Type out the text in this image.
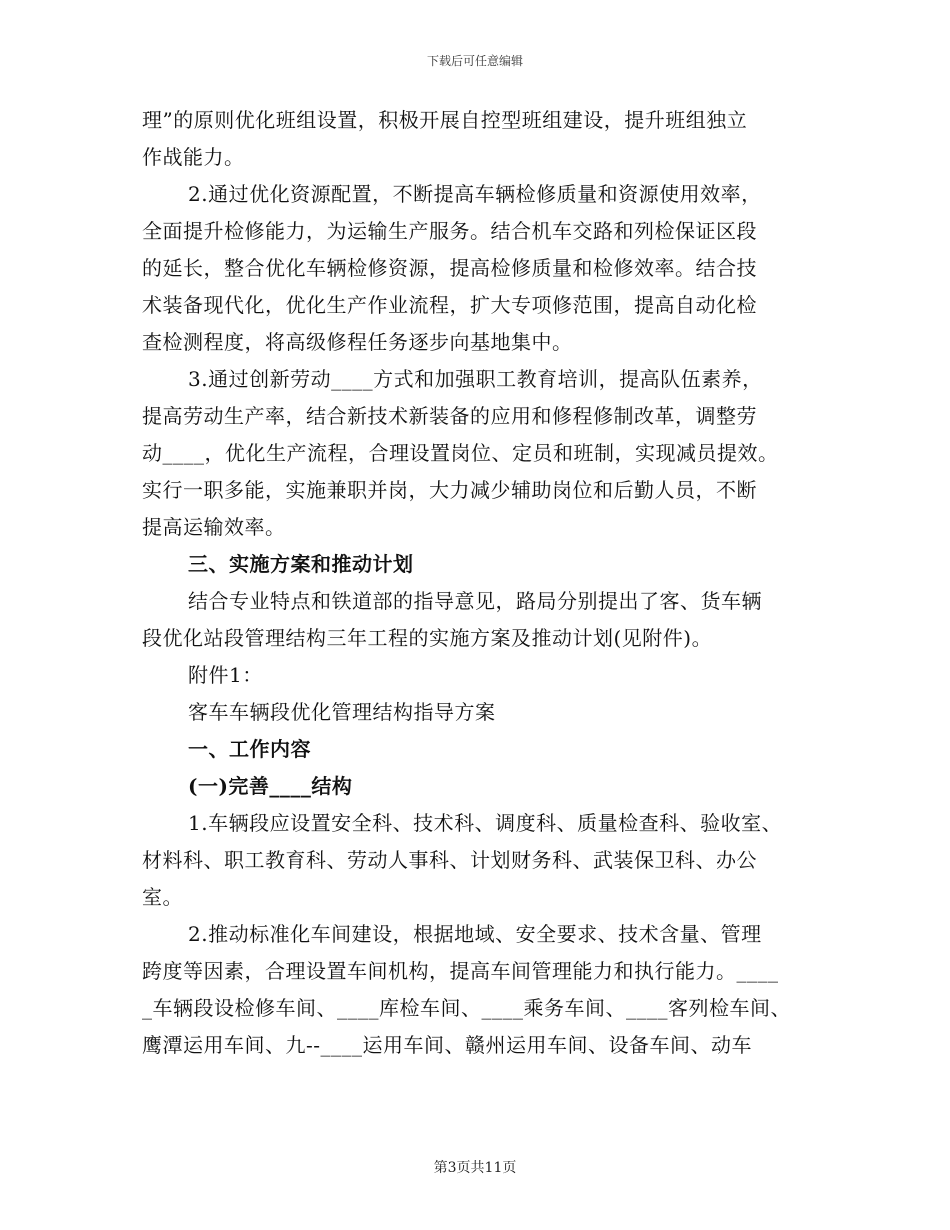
下载后可任意编辑
理”的原则优化班组设置，积极开展自控型班组建设，提升班组独立
作战能力。
2.通过优化资源配置，不断提高车辆检修质量和资源使用效率，
全面提升检修能力，为运输生产服务。结合机车交路和列检保证区段
的延长，整合优化车辆检修资源，提高检修质量和检修效率。结合技
术装备现代化，优化生产作业流程，扩大专项修范围，提高自动化检
查检测程度，将高级修程任务逐步向基地集中。
3.通过创新劳动____方式和加强职工教育培训，提高队伍素养，
提高劳动生产率，结合新技术新装备的应用和修程修制改革，调整劳
动____，优化生产流程，合理设置岗位、定员和班制，实现减员提效。
实行一职多能，实施兼职并岗，大力减少辅助岗位和后勤人员，不断
提高运输效率。
三、实施方案和推动计划
结合专业特点和铁道部的指导意见，路局分别提出了客、货车辆
段优化站段管理结构三年工程的实施方案及推动计划(见附件)。
附件1：
客车车辆段优化管理结构指导方案
一、工作内容
(一)完善____结构
1.车辆段应设置安全科、技术科、调度科、质量检查科、验收室、
材料科、职工教育科、劳动人事科、计划财务科、武装保卫科、办公
室。
2.推动标准化车间建设，根据地域、安全要求、技术含量、管理
跨度等因素，合理设置车间机构，提高车间管理能力和执行能力。____
_车辆段设检修车间、____库检车间、____乘务车间、____客列检车间、
鹰潭运用车间、九--____运用车间、赣州运用车间、设备车间、动车
第3页共11页
